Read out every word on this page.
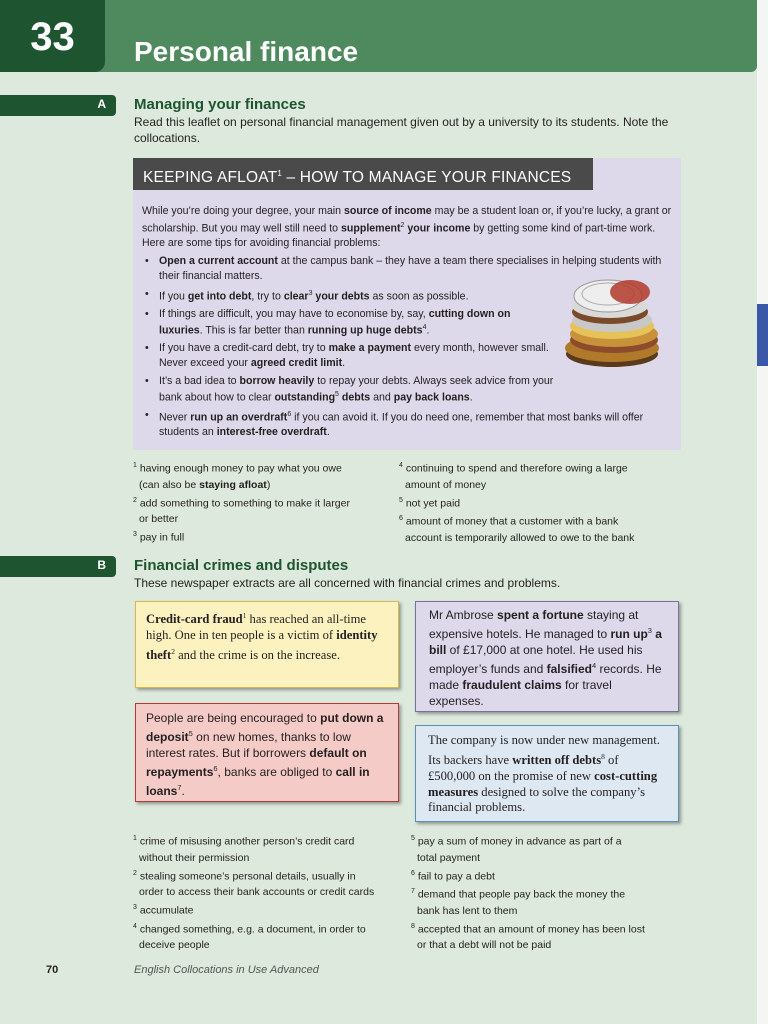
33	Personal finance
A Managing your finances
Read this leaflet on personal financial management given out by a university to its students. Note the collocations.
KEEPING AFLOAT$^1$ – HOW TO MANAGE YOUR FINANCES

While you’re doing your degree, your main source of income may be a student loan or, if you’re lucky, a grant or scholarship. But you may well still need to supplement$^2$ your income by getting some kind of part-time work. Here are some tips for avoiding financial problems:

• Open a current account at the campus bank – they have a team there specialises in helping students with their financial matters.
• If you get into debt, try to clear$^3$ your debts as soon as possible.
• If things are difficult, you may have to economise by, say, cutting down on luxuries. This is far better than running up huge debts$^4$.
• If you have a credit-card debt, try to make a payment every month, however small. Never exceed your agreed credit limit.
• It’s a bad idea to borrow heavily to repay your debts. Always seek advice from your bank about how to clear outstanding$^5$ debts and pay back loans.
• Never run up an overdraft$^6$ if you can avoid it. If you do need one, remember that most banks will offer students an interest-free overdraft.
$^1$ having enough money to pay what you owe
(can also be staying afloat)
$^2$ add something to something to make it larger
or better
$^3$ pay in full
$^4$ continuing to spend and therefore owing a large
amount of money
$^5$ not yet paid
$^6$ amount of money that a customer with a bank
account is temporarily allowed to owe to the bank
B Financial crimes and disputes
These newspaper extracts are all concerned with financial crimes and problems.
Credit-card fraud$^1$ has reached an all-time high. One in ten people is a victim of identity theft$^2$ and the crime is on the increase.
Mr Ambrose spent a fortune staying at expensive hotels. He managed to run $up^3$ a bill of £17,000 at one hotel. He used his employer’s funds and falsified$^4$ records. He made fraudulent claims for travel expenses.
People are being encouraged to put down a deposit$^5$ on new homes, thanks to low interest rates. But if borrowers default on repayments$^6$, banks are obliged to call in loans$^7$.
The company is now under new management. Its backers have written off debts$^8$ of £500,000 on the promise of new cost-cutting measures designed to solve the company’s financial problems.
$^1$ crime of misusing another person’s credit card
without their permission
$^2$ stealing someone’s personal details, usually in
order to access their bank accounts or credit cards
$^3$ accumulate
$^4$ changed something, e.g. a document, in order to
deceive people
$^5$ pay a sum of money in advance as part of a
total payment
$^6$ fail to pay a debt
$^7$ demand that people pay back the money the
bank has lent to them
$^8$ accepted that an amount of money has been lost
or that a debt will not be paid
70	English Collocations in Use Advanced
